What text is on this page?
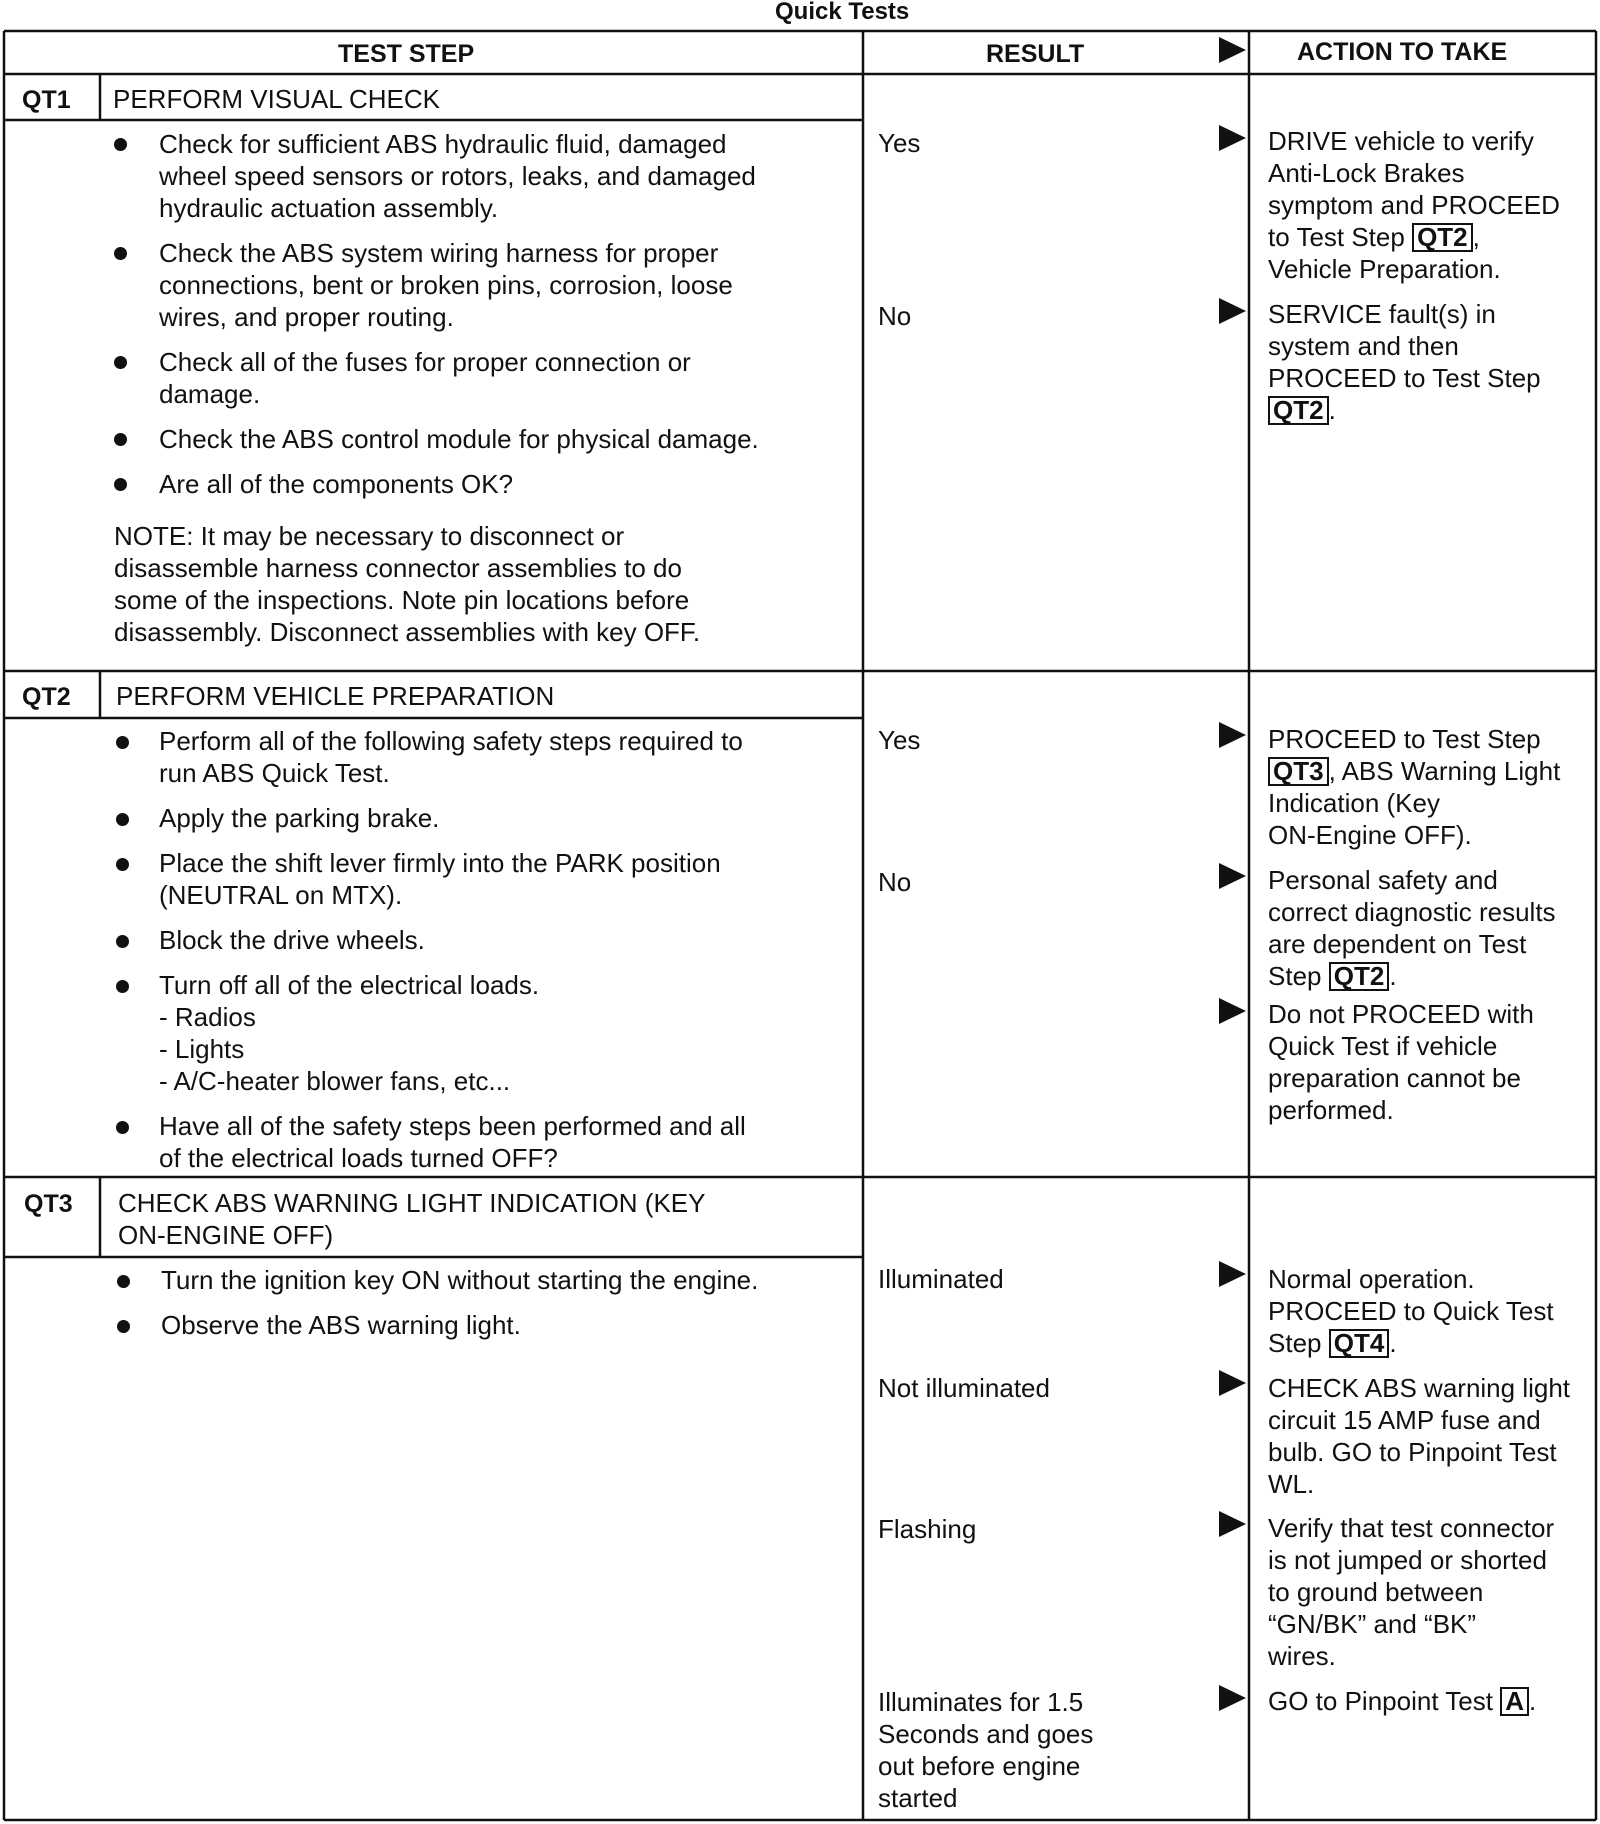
Quick Tests
TEST STEP	RESULT	ACTION TO TAKE
QT1 PERFORM VISUAL CHECK
Check for sufficient ABS hydraulic fluid, damaged
wheel speed sensors or rotors, leaks, and damaged
hydraulic actuation assembly.
Check the ABS system wiring harness for proper
connections, bent or broken pins, corrosion, loose
wires, and proper routing.
Check all of the fuses for proper connection or
damage.
Check the ABS control module for physical damage.
Are all of the components OK?
NOTE: It may be necessary to disconnect or
disassemble harness connector assemblies to do
some of the inspections. Note pin locations before
disassembly. Disconnect assemblies with key OFF.
Yes
No
DRIVE vehicle to verify
Anti-Lock Brakes
symptom and PROCEED
to Test Step QT2 ,
Vehicle Preparation.
SERVICE fault(s) in
system and then
PROCEED to Test Step
QT2 .
QT2 PERFORM VEHICLE PREPARATION
Perform all of the following safety steps required to
run ABS Quick Test.
Apply the parking brake.
Place the shift lever firmly into the PARK position
(NEUTRAL on MTX).
Block the drive wheels.
Turn off all of the electrical loads.
- Radios
- Lights
- A/C-heater blower fans, etc...
Have all of the safety steps been performed and all
of the electrical loads turned OFF?
Yes
No
PROCEED to Test Step
QT3 , ABS Warning Light
Indication (Key
ON-Engine OFF).
Personal safety and
correct diagnostic results
are dependent on Test
Step QT2 .
Do not PROCEED with
Quick Test if vehicle
preparation cannot be
performed.
QT3 CHECK ABS WARNING LIGHT INDICATION (KEY
ON-ENGINE OFF)
Turn the ignition key ON without starting the engine.
Observe the ABS warning light.
Illuminated
Not illuminated
Flashing
Illuminates for 1.5
Seconds and goes
out before engine
started
Normal operation.
PROCEED to Quick Test
Step QT4 .
CHECK ABS warning light
circuit 15 AMP fuse and
bulb. GO to Pinpoint Test
WL.
Verify that test connector
is not jumped or shorted
to ground between
“GN/BK” and “BK”
wires.
GO to Pinpoint Test A .
